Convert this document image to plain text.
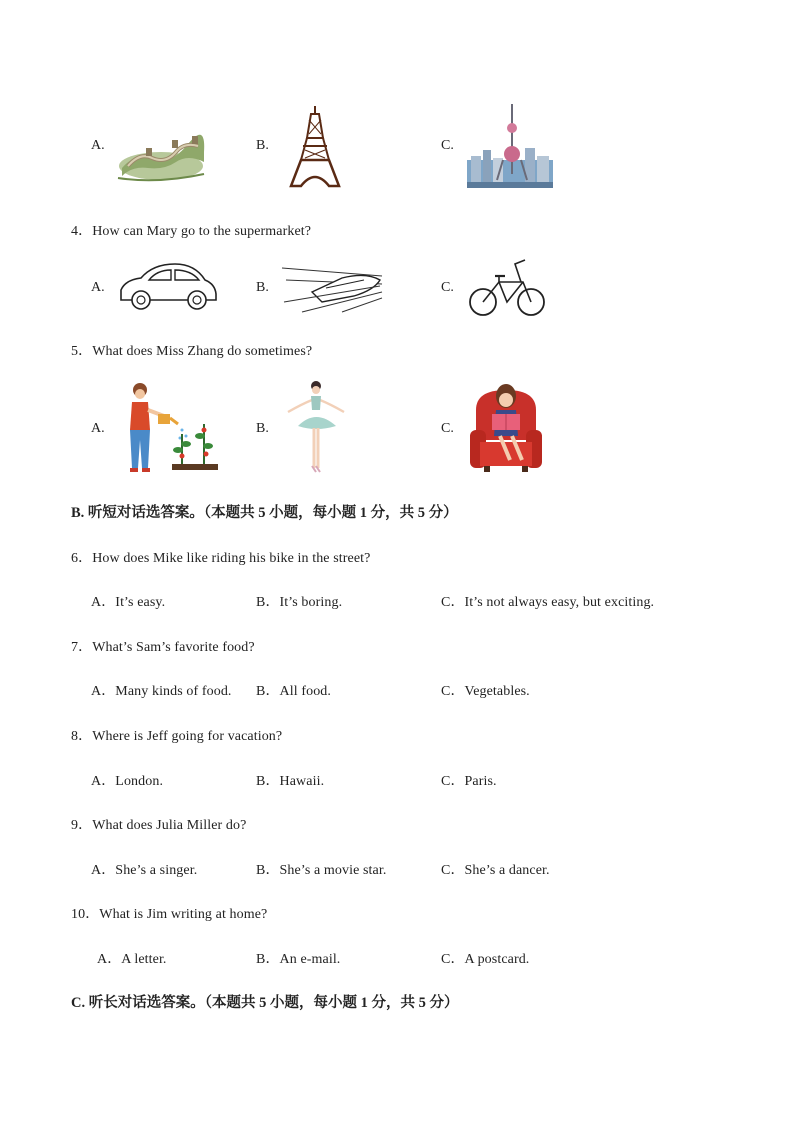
A.	B.	C.
4．How can Mary go to the supermarket?
A.	B.	C.
5．What does Miss Zhang do sometimes?
A.	B.	C.
B. 听短对话选答案。（本题共 5 小题，每小题 1 分，共 5 分）
6．How does Mike like riding his bike in the street?
A．It’s easy.	B．It’s boring.	C．It’s not always easy, but exciting.
7．What’s Sam’s favorite food?
A．Many kinds of food. B．All food.	C．Vegetables.
8．Where is Jeff going for vacation?
A．London.	B．Hawaii.	C．Paris.
9．What does Julia Miller do?
A．She’s a singer.	B．She’s a movie star.	C．She’s a dancer.
10．What is Jim writing at home?
A．A letter.	B．An e-mail.	C．A postcard.
C. 听长对话选答案。（本题共 5 小题，每小题 1 分，共 5 分）
